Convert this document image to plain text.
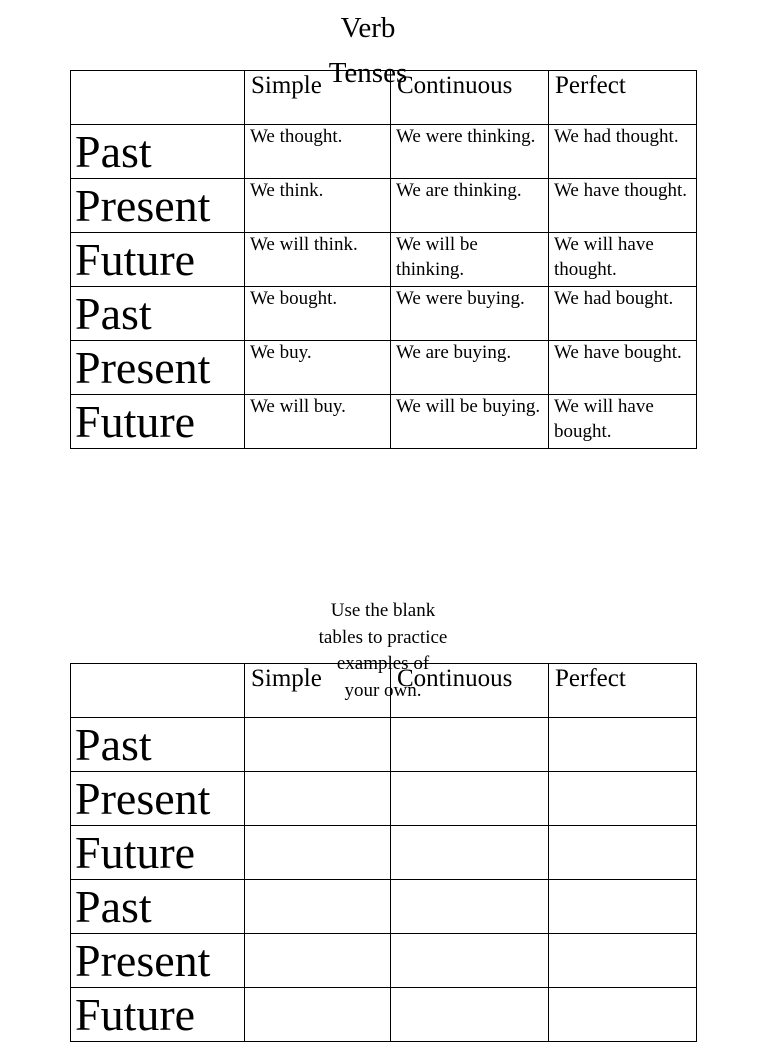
Verb Tenses
	Simple	Continuous	Perfect

Past	We thought.	We were thinking.	We had thought.

Present	We think.	We are thinking.	We have thought.

Future	We will think.	We will be thinking.	We will have thought.

Past	We bought.	We were buying.	We had bought.

Present	We buy.	We are buying.	We have bought.

Future	We will buy.	We will be buying.	We will have bought.
Use the blank tables to practice examples of your own.
	Simple	Continuous	Perfect

Past			

Present			

Future			

Past			

Present			

Future			
